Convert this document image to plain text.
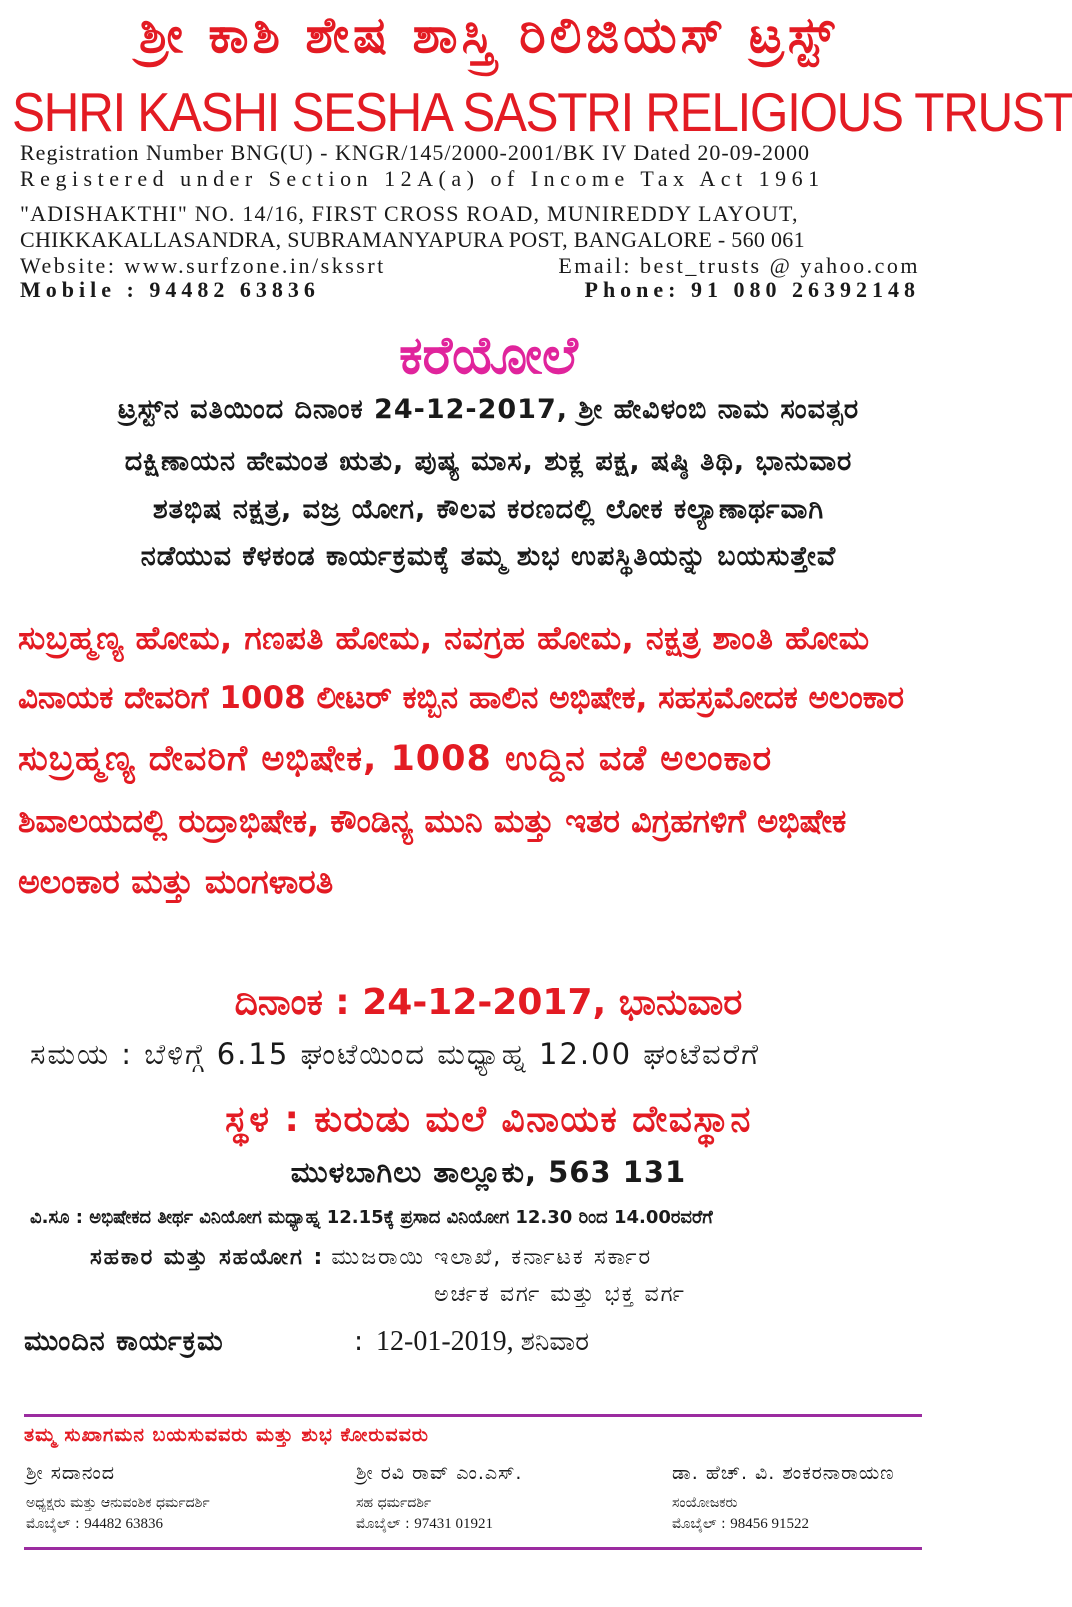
ಶ್ರೀ ಕಾಶಿ ಶೇಷ ಶಾಸ್ತ್ರಿ ರಿಲಿಜಿಯಸ್ ಟ್ರಸ್ಟ್
SHRI KASHI SESHA SASTRI RELIGIOUS TRUST
Registration Number BNG(U) - KNGR/145/2000-2001/BK IV Dated 20-09-2000
Registered under Section 12A(a) of Income Tax Act 1961
"ADISHAKTHI" NO. 14/16, FIRST CROSS ROAD, MUNIREDDY LAYOUT,
CHIKKAKALLASANDRA, SUBRAMANYAPURA POST, BANGALORE - 560 061
Website: www.surfzone.in/skssrt	Email: best_trusts @ yahoo.com
Mobile : 94482 63836	Phone: 91 080 26392148
ಕರೆಯೋಲೆ
ಟ್ರಸ್ಟ್‌ನ ವತಿಯಿಂದ ದಿನಾಂಕ 24-12-2017, ಶ್ರೀ ಹೇವಿಳಂಬಿ ನಾಮ ಸಂವತ್ಸರ
ದಕ್ಷಿಣಾಯನ ಹೇಮಂತ ಋತು, ಪುಷ್ಯ ಮಾಸ, ಶುಕ್ಲ ಪಕ್ಷ, ಷಷ್ಠಿ ತಿಥಿ, ಭಾನುವಾರ
ಶತಭಿಷ ನಕ್ಷತ್ರ, ವಜ್ರ ಯೋಗ, ಕೌಲವ ಕರಣದಲ್ಲಿ ಲೋಕ ಕಲ್ಯಾಣಾರ್ಥವಾಗಿ
ನಡೆಯುವ ಕೆಳಕಂಡ ಕಾರ್ಯಕ್ರಮಕ್ಕೆ ತಮ್ಮ ಶುಭ ಉಪಸ್ಥಿತಿಯನ್ನು ಬಯಸುತ್ತೇವೆ
ಸುಬ್ರಹ್ಮಣ್ಯ ಹೋಮ, ಗಣಪತಿ ಹೋಮ, ನವಗ್ರಹ ಹೋಮ, ನಕ್ಷತ್ರ ಶಾಂತಿ ಹೋಮ
ವಿನಾಯಕ ದೇವರಿಗೆ 1008 ಲೀಟರ್ ಕಬ್ಬಿನ ಹಾಲಿನ ಅಭಿಷೇಕ, ಸಹಸ್ರಮೋದಕ ಅಲಂಕಾರ
ಸುಬ್ರಹ್ಮಣ್ಯ ದೇವರಿಗೆ ಅಭಿಷೇಕ, 1008 ಉದ್ದಿನ ವಡೆ ಅಲಂಕಾರ
ಶಿವಾಲಯದಲ್ಲಿ ರುದ್ರಾಭಿಷೇಕ, ಕೌಂಡಿನ್ಯ ಮುನಿ ಮತ್ತು ಇತರ ವಿಗ್ರಹಗಳಿಗೆ ಅಭಿಷೇಕ
ಅಲಂಕಾರ ಮತ್ತು ಮಂಗಳಾರತಿ
ದಿನಾಂಕ : 24-12-2017, ಭಾನುವಾರ
ಸಮಯ : ಬೆಳಿಗ್ಗೆ 6.15 ಘಂಟೆಯಿಂದ ಮಧ್ಯಾಹ್ನ 12.00 ಘಂಟೆವರೆಗೆ
ಸ್ಥಳ : ಕುರುಡು ಮಲೆ ವಿನಾಯಕ ದೇವಸ್ಥಾನ
ಮುಳಬಾಗಿಲು ತಾಲ್ಲೂಕು, 563 131
ವಿ.ಸೂ : ಅಭಿಷೇಕದ ತೀರ್ಥ ವಿನಿಯೋಗ ಮಧ್ಯಾಹ್ನ 12.15ಕ್ಕೆ ಪ್ರಸಾದ ವಿನಿಯೋಗ 12.30 ರಿಂದ 14.00ರವರೆಗೆ
ಸಹಕಾರ ಮತ್ತು ಸಹಯೋಗ : ಮುಜರಾಯಿ ಇಲಾಖೆ, ಕರ್ನಾಟಕ ಸರ್ಕಾರ
ಅರ್ಚಕ ವರ್ಗ ಮತ್ತು ಭಕ್ತ ವರ್ಗ
ಮುಂದಿನ ಕಾರ್ಯಕ್ರಮ	: 12-01-2019, ಶನಿವಾರ
ತಮ್ಮ ಸುಖಾಗಮನ ಬಯಸುವವರು ಮತ್ತು ಶುಭ ಕೋರುವವರು
ಶ್ರೀ ಸದಾನಂದ
ಅಧ್ಯಕ್ಷರು ಮತ್ತು ಆನುವಂಶಿಕ ಧರ್ಮದರ್ಶಿ
ಮೊಬೈಲ್ : 94482 63836
ಶ್ರೀ ರವಿ ರಾವ್ ಎಂ.ಎಸ್.
ಸಹ ಧರ್ಮದರ್ಶಿ
ಮೊಬೈಲ್ : 97431 01921
ಡಾ. ಹೆಚ್. ವಿ. ಶಂಕರನಾರಾಯಣ
ಸಂಯೋಜಕರು
ಮೊಬೈಲ್ : 98456 91522
